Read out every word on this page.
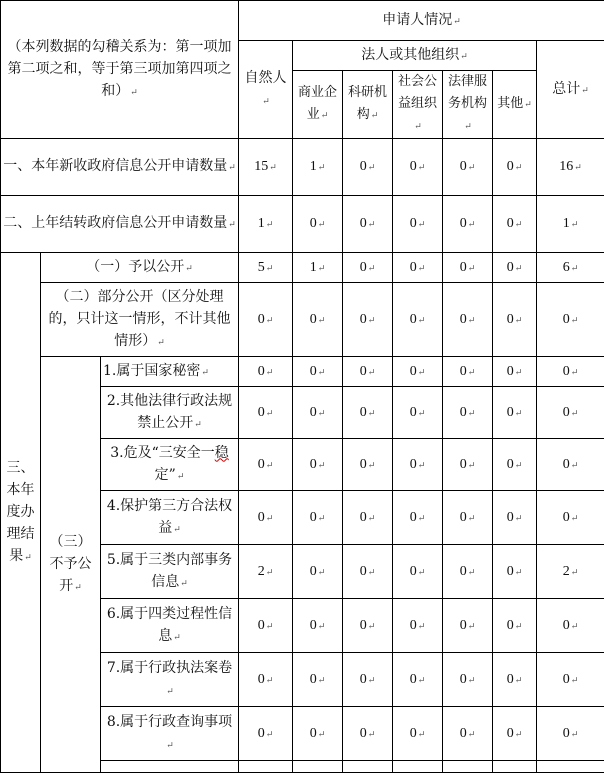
（本列数据的勾稽关系为：第一项加第二项之和，等于第三项加第四项之和）↵			申请人情况↵						
			自然人↵	法人或其他组织↵					总计↵
				商业企业↵	科研机构↵	社会公益组织↵	法律服务机构↵	其他↵	
一、本年新收政府信息公开申请数量↵			15↵	1↵	0↵	0↵	0↵	0↵	16↵
二、上年结转政府信息公开申请数量↵			1↵	0↵	0↵	0↵	0↵	0↵	1↵
三、本年度办理结果↵	（一）予以公开↵		5↵	1↵	0↵	0↵	0↵	0↵	6↵
	（二）部分公开（区分处理的，只计这一情形，不计其他情形）↵		0↵	0↵	0↵	0↵	0↵	0↵	0↵
	（三）不予公开↵	1.属于国家秘密↵	0↵	0↵	0↵	0↵	0↵	0↵	0↵
		2.其他法律行政法规禁止公开↵	0↵	0↵	0↵	0↵	0↵	0↵	0↵
		3.危及“三安全一稳定”↵	0↵	0↵	0↵	0↵	0↵	0↵	0↵
		4.保护第三方合法权益↵	0↵	0↵	0↵	0↵	0↵	0↵	0↵
		5.属于三类内部事务信息↵	2↵	0↵	0↵	0↵	0↵	0↵	2↵
		6.属于四类过程性信息↵	0↵	0↵	0↵	0↵	0↵	0↵	0↵
		7.属于行政执法案卷↵	0↵	0↵	0↵	0↵	0↵	0↵	0↵
		8.属于行政查询事项↵	0↵	0↵	0↵	0↵	0↵	0↵	0↵
